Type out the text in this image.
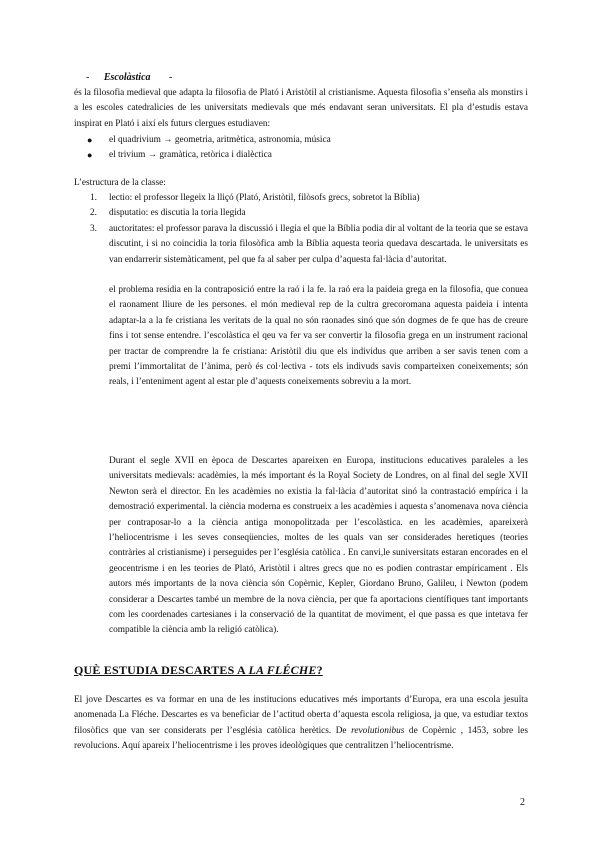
- Escolàstica -
és la filosofia medieval que adapta la filosofia de Plató i Aristòtil al cristianisme. Aquesta filosofia s’enseña als monstirs i a les escoles catedralicies de les universitats medievals que més endavant seran universitats. El pla d’estudis estava inspirat en Plató i així els futurs clergues estudiaven:
● el quadrivium → geometria, aritmètica, astronomia, música
● el trivium → gramàtica, retòrica i dialèctica
L’estructura de la classe:
1. lectio: el professor llegeix la lliçó (Plató, Aristòtil, filòsofs grecs, sobretot la Bíblia)
2. disputatio: es discutia la toria llegida
3. auctoritates: el professor parava la discussió i llegia el que la Bíblia podia dir al voltant de la teoria que se estava discutint, i si no coincidia la toria filosòfica amb la Bíblia aquesta teoria quedava descartada. le universitats es van endarrerir sistemàticament, pel que fa al saber per culpa d’aquesta fal·làcia d’autoritat.
el problema residia en la contraposició entre la raó i la fe. la raó era la paideia grega en la filosofia, que conuea el raonament lliure de les persones. el món medieval rep de la cultra grecoromana aquesta paideia i intenta adaptar-la a la fe cristiana les veritats de la qual no són raonades sinó que són dogmes de fe que has de creure fins i tot sense entendre. l’escolàstica el qeu va fer va ser convertir la filosofia grega en un instrument racional per tractar de comprendre la fe cristiana: Aristòtil diu que els individus que arriben a ser savis tenen com a premi l’immortalitat de l’ànima, però és col·lectiva - tots els indivuds savis comparteixen coneixements; són reals, i l’enteniment agent al estar ple d’aquests coneixements sobreviu a la mort.
Durant el segle XVII en època de Descartes apareixen en Europa, institucions educatives paraleles a les universitats medievals: acadèmies, la més important és la Royal Society de Londres, on al final del segle XVII Newton serà el director. En les acadèmies no existia la fal·làcia d’autoritat sinó la contrastació empírica i la demostració experimental. la ciència moderna es construeix a les acadèmies i aquesta s’anomenava nova ciència per contraposar-lo a la ciència antiga monopolitzada per l’escolàstica. en les acadèmies, apareixerà l’heliocentrisme i les seves conseqüencies, moltes de les quals van ser considerades heretiques (teories contràries al cristianisme) i perseguides per l’església catòlica . En canvi,le suniversitats estaran encorades en el geocentrisme i en les teories de Plató, Aristòtil i altres grecs que no es podien contrastar empíricament . Els autors més importants de la nova ciència són Copèrnic, Kepler, Giordano Bruno, Galileu, i Newton (podem considerar a Descartes també un membre de la nova ciència, per que fa aportacions científiques tant importants com les coordenades cartesianes i la conservació de la quantitat de moviment, el que passa es que intetava fer compatible la ciència amb la religió catòlica).
QUÈ ESTUDIA DESCARTES A LA FLÉCHE?
El jove Descartes es va formar en una de les institucions educatives més importants d’Europa, era una escola jesuïta anomenada La Fléche. Descartes es va beneficiar de l’actitud oberta d’aquesta escola religiosa, ja que, va estudiar textos filosòfics que van ser considerats per l’església catòlica herètics. De revolutionibus de Copèrnic , 1453, sobre les revolucions. Aquí apareix l’heliocentrisme i les proves ideològiques que centralitzen l’heliocentrisme.
2
